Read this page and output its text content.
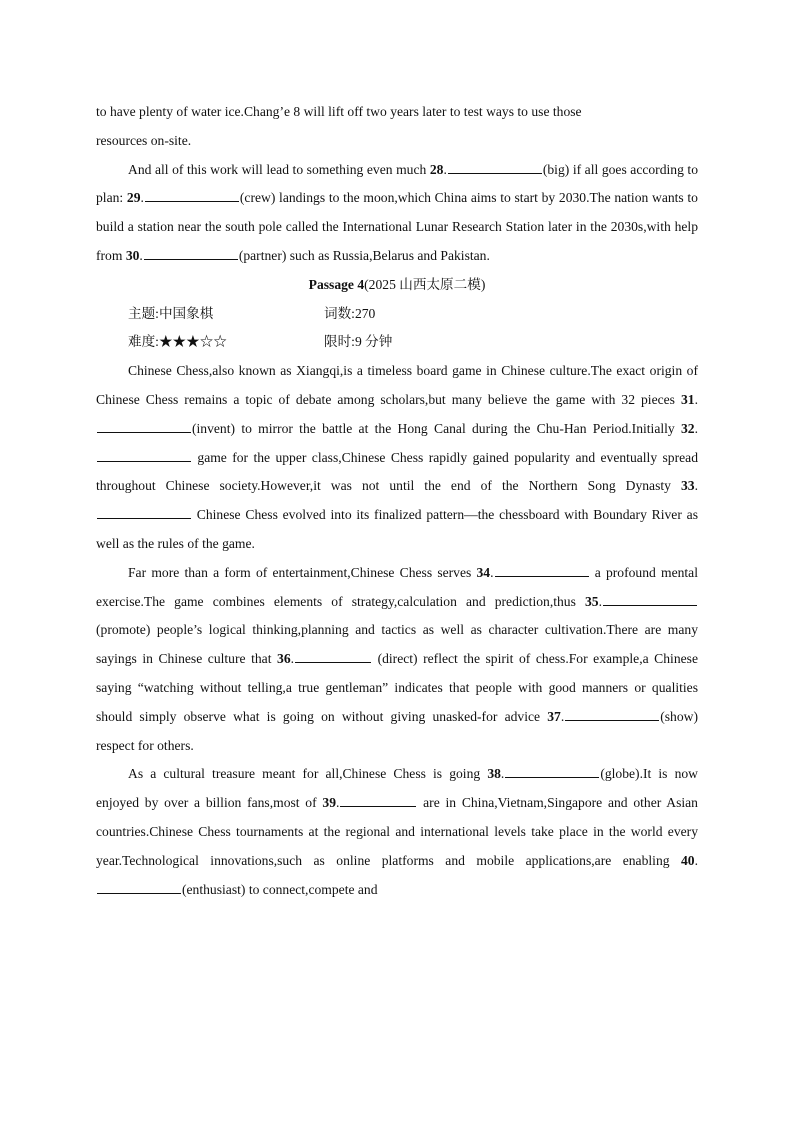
to have plenty of water ice.Chang’e 8 will lift off two years later to test ways to use those
resources on-site.

And all of this work will lead to something even much 28.	(big) if all goes according to plan: 29.	(crew) landings to the moon,which China aims to start by 2030.The nation wants to build a station near the south pole called the International Lunar Research Station later in the 2030s,with help from 30.	(partner) such as Russia,Belarus and Pakistan.

Passage 4(2025 山西太原二模)

主题:中国象棋	词数:270
难度:★★★☆☆	限时:9 分钟

Chinese Chess,also known as Xiangqi,is a timeless board game in Chinese culture.The exact origin of Chinese Chess remains a topic of debate among scholars,but many believe the game with 32 pieces 31.(invent) to mirror the battle at the Hong Canal during the Chu-Han Period.Initially 32. game for the upper class,Chinese Chess rapidly gained popularity and eventually spread throughout Chinese society.However,it was not until the end of the Northern Song Dynasty 33. Chinese Chess evolved into its finalized pattern—the chessboard with Boundary River as well as the rules of the game.

Far more than a form of entertainment,Chinese Chess serves 34.	a profound mental exercise.The game combines elements of strategy,calculation and prediction,thus 35.(promote) people’s logical thinking,planning and tactics as well as character cultivation.There are many sayings in Chinese culture that 36.	(direct) reflect the spirit of chess.For example,a Chinese saying “watching without telling,a true gentleman” indicates that people with good manners or qualities should simply observe what is going on without giving unasked-for advice 37.	(show) respect for others.

As a cultural treasure meant for all,Chinese Chess is going 38.	(globe).It is now enjoyed by over a billion fans,most of 39.	are in China,Vietnam,Singapore and other Asian countries.Chinese Chess tournaments at the regional and international levels take place in the world every year.Technological innovations,such as online platforms and mobile applications,are enabling 40.(enthusiast) to connect,compete and
